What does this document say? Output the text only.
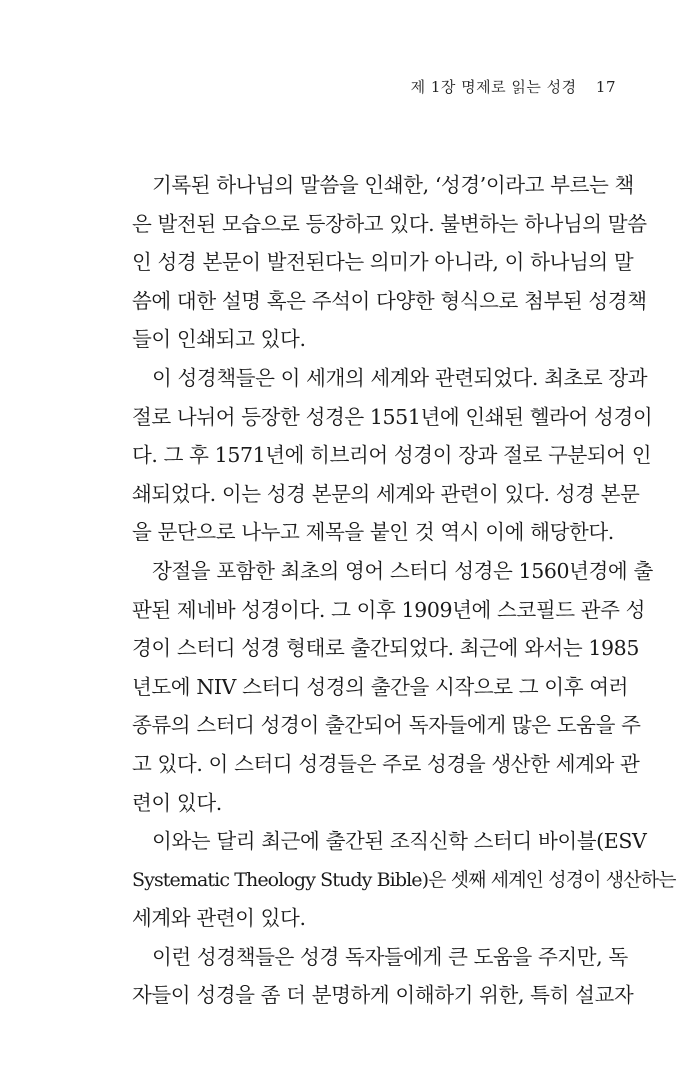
제 1장 명제로 읽는 성경 17
기록된 하나님의 말씀을 인쇄한, ‘성경’이라고 부르는 책
은 발전된 모습으로 등장하고 있다. 불변하는 하나님의 말씀
인 성경 본문이 발전된다는 의미가 아니라, 이 하나님의 말
씀에 대한 설명 혹은 주석이 다양한 형식으로 첨부된 성경책
들이 인쇄되고 있다.
이 성경책들은 이 세개의 세계와 관련되었다. 최초로 장과
절로 나뉘어 등장한 성경은 1551년에 인쇄된 헬라어 성경이
다. 그 후 1571년에 히브리어 성경이 장과 절로 구분되어 인
쇄되었다. 이는 성경 본문의 세계와 관련이 있다. 성경 본문
을 문단으로 나누고 제목을 붙인 것 역시 이에 해당한다.
장절을 포함한 최초의 영어 스터디 성경은 1560년경에 출
판된 제네바 성경이다. 그 이후 1909년에 스코필드 관주 성
경이 스터디 성경 형태로 출간되었다. 최근에 와서는 1985
년도에 NIV 스터디 성경의 출간을 시작으로 그 이후 여러
종류의 스터디 성경이 출간되어 독자들에게 많은 도움을 주
고 있다. 이 스터디 성경들은 주로 성경을 생산한 세계와 관
련이 있다.
이와는 달리 최근에 출간된 조직신학 스터디 바이블(ESV
Systematic Theology Study Bible)은 셋째 세계인 성경이 생산하는
세계와 관련이 있다.
이런 성경책들은 성경 독자들에게 큰 도움을 주지만, 독
자들이 성경을 좀 더 분명하게 이해하기 위한, 특히 설교자
